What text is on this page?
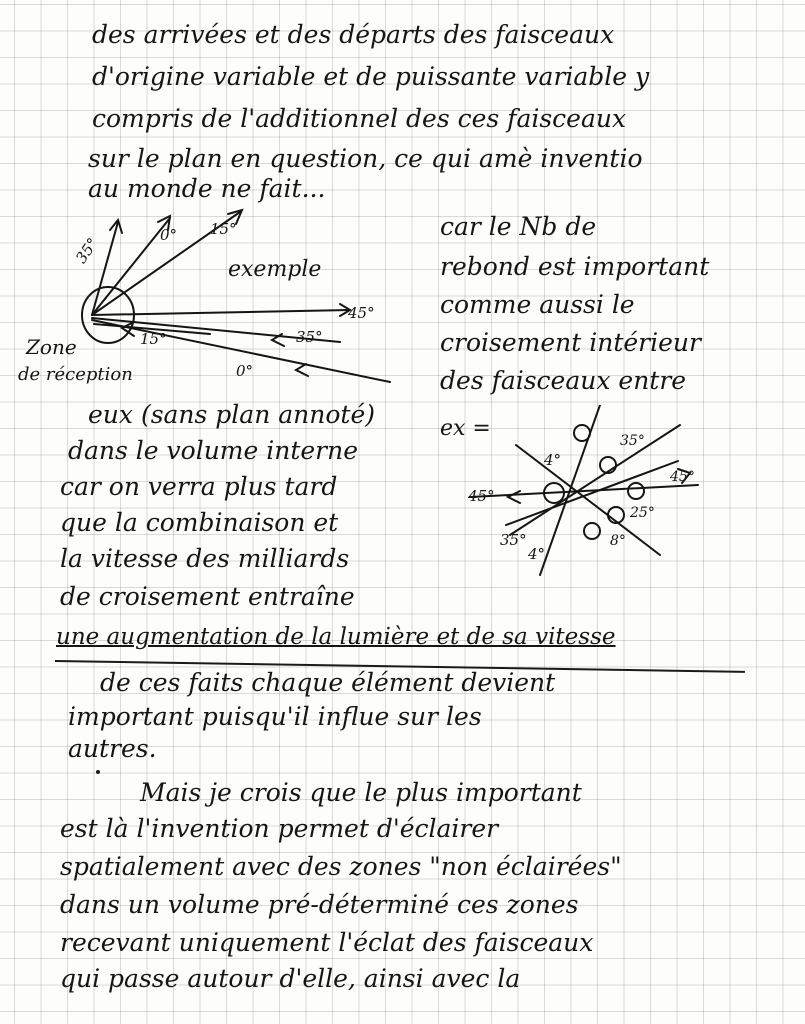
des arrivées et des départs des faisceaux
d'origine variable et de puissante variable y
compris de l'additionnel des ces faisceaux
sur le plan en question, ce qui amè inventio
au monde ne fait...
car le Nb de
rebond est important
comme aussi le
croisement intérieur
des faisceaux entre
eux (sans plan annoté)
dans le volume interne
car on verra plus tard
que la combinaison et
la vitesse des milliards
de croisement entraîne
une augmentation de la lumière et de sa vitesse
de ces faits chaque élément devient
important puisqu'il influe sur les
autres.
Mais je crois que le plus important
est là l'invention permet d'éclairer
spatialement avec des zones "non éclairées"
dans un volume pré-déterminé ces zones
recevant uniquement l'éclat des faisceaux
qui passe autour d'elle, ainsi avec la
exemple
35°	0° 15°
45°
35°
15°
0°
Zone
de réception
ex =
4°
35°
45°
45°
25°
35°
4°
8°
